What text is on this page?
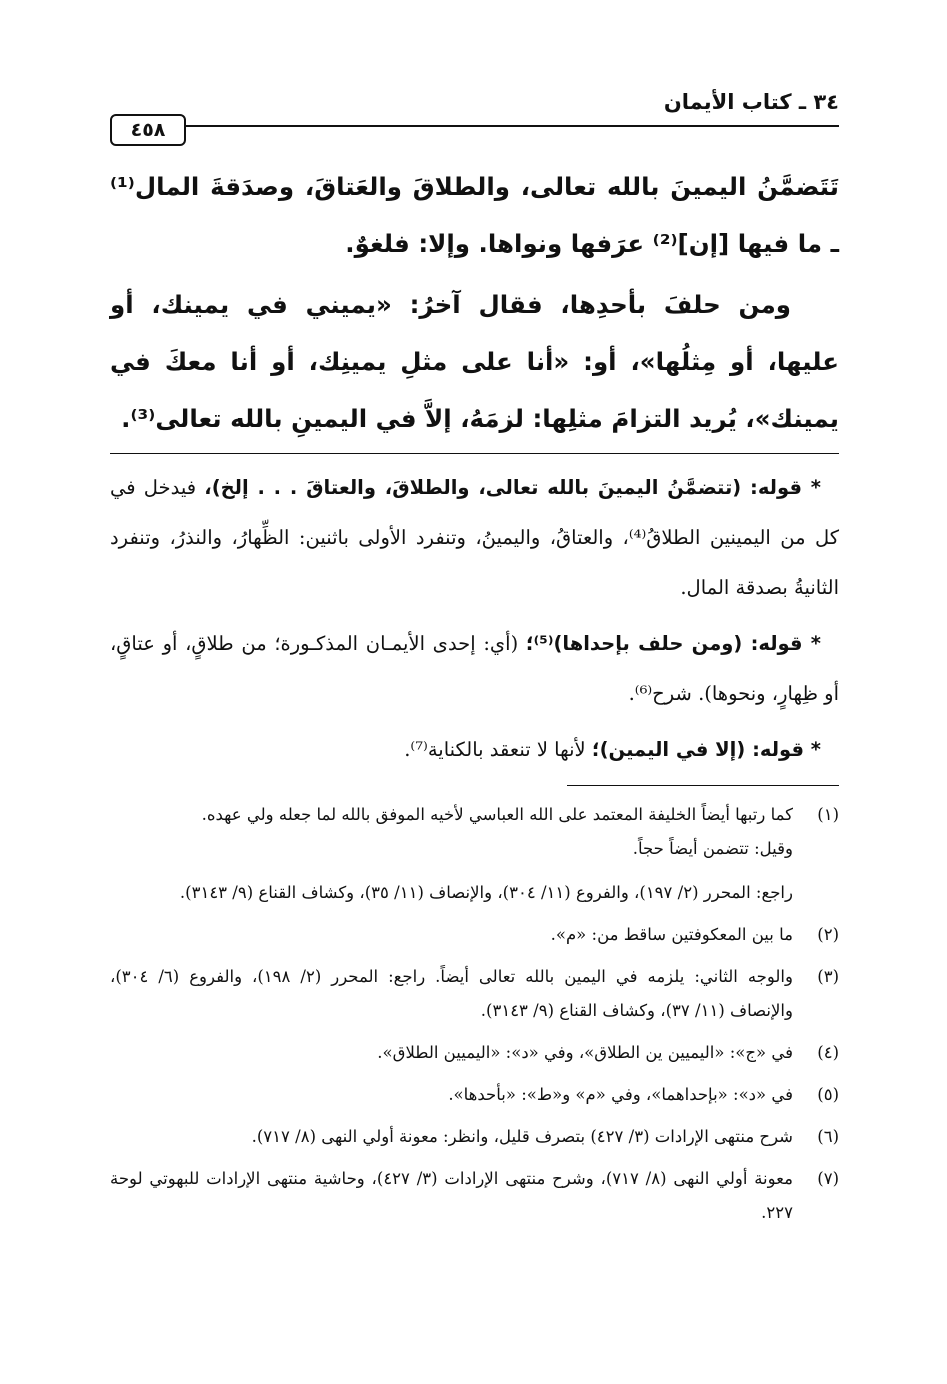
٣٤ ـ كتاب الأيمان
٤٥٨

تَتَضمَّنُ اليمينَ بالله تعالى، والطلاقَ والعَتاقَ، وصدَقةَ المال⁽¹⁾ ـ ما فيها [إن]⁽²⁾ عرَفها ونواها. وإلا: فلغوٌ.

ومن حلفَ بأحدِها، فقال آخرُ: «يميني في يمينك، أو عليها، أو مِثلُها»، أو: «أنا على مثلِ يمينِك، أو أنا معكَ في يمينك»، يُريد التزامَ مثلِها: لزمَهُ، إلاَّ في اليمينِ بالله تعالى⁽³⁾.

* قوله: (تتضمَّنُ اليمينَ بالله تعالى، والطلاقَ، والعتاقَ . . . إلخ)، فيدخل في كل من اليمينين الطلاقُ⁽⁴⁾، والعتاقُ، واليمينُ، وتنفرد الأولى باثنين: الظِّهارُ، والنذرُ، وتنفرد الثانيةُ بصدقة المال.

* قوله: (ومن حلف بإحداها)⁽⁵⁾؛ (أي: إحدى الأيمـان المذكـورة؛ من طلاقٍ، أو عتاقٍ، أو ظِهارٍ، ونحوها). شرح⁽⁶⁾.

* قوله: (إلا في اليمين)؛ لأنها لا تنعقد بالكناية⁽⁷⁾.

(١)
كما رتبها أيضاً الخليفة المعتمد على الله العباسي لأخيه الموفق بالله لما جعله ولي عهده.
وقيل: تتضمن أيضاً حجاً.
راجع: المحرر (٢/ ١٩٧)، والفروع (١١/ ٣٠٤)، والإنصاف (١١/ ٣٥)، وكشاف القناع (٩/ ٣١٤٣).
(٢)
ما بين المعكوفتين ساقط من: «م».
(٣)
والوجه الثاني: يلزمه في اليمين بالله تعالى أيضاً. راجع: المحرر (٢/ ١٩٨)، والفروع (٦/ ٣٠٤)، والإنصاف (١١/ ٣٧)، وكشاف القناع (٩/ ٣١٤٣).
(٤)
في «ج»: «اليميين ين الطلاق»، وفي «د»: «اليميين الطلاق».
(٥)
في «د»: «بإحداهما»، وفي «م» و«ط»: «بأحدها».
(٦)
شرح منتهى الإرادات (٣/ ٤٢٧) بتصرف قليل، وانظر: معونة أولي النهى (٨/ ٧١٧).
(٧)
معونة أولي النهى (٨/ ٧١٧)، وشرح منتهى الإرادات (٣/ ٤٢٧)، وحاشية منتهى الإرادات للبهوتي لوحة ٢٢٧.
